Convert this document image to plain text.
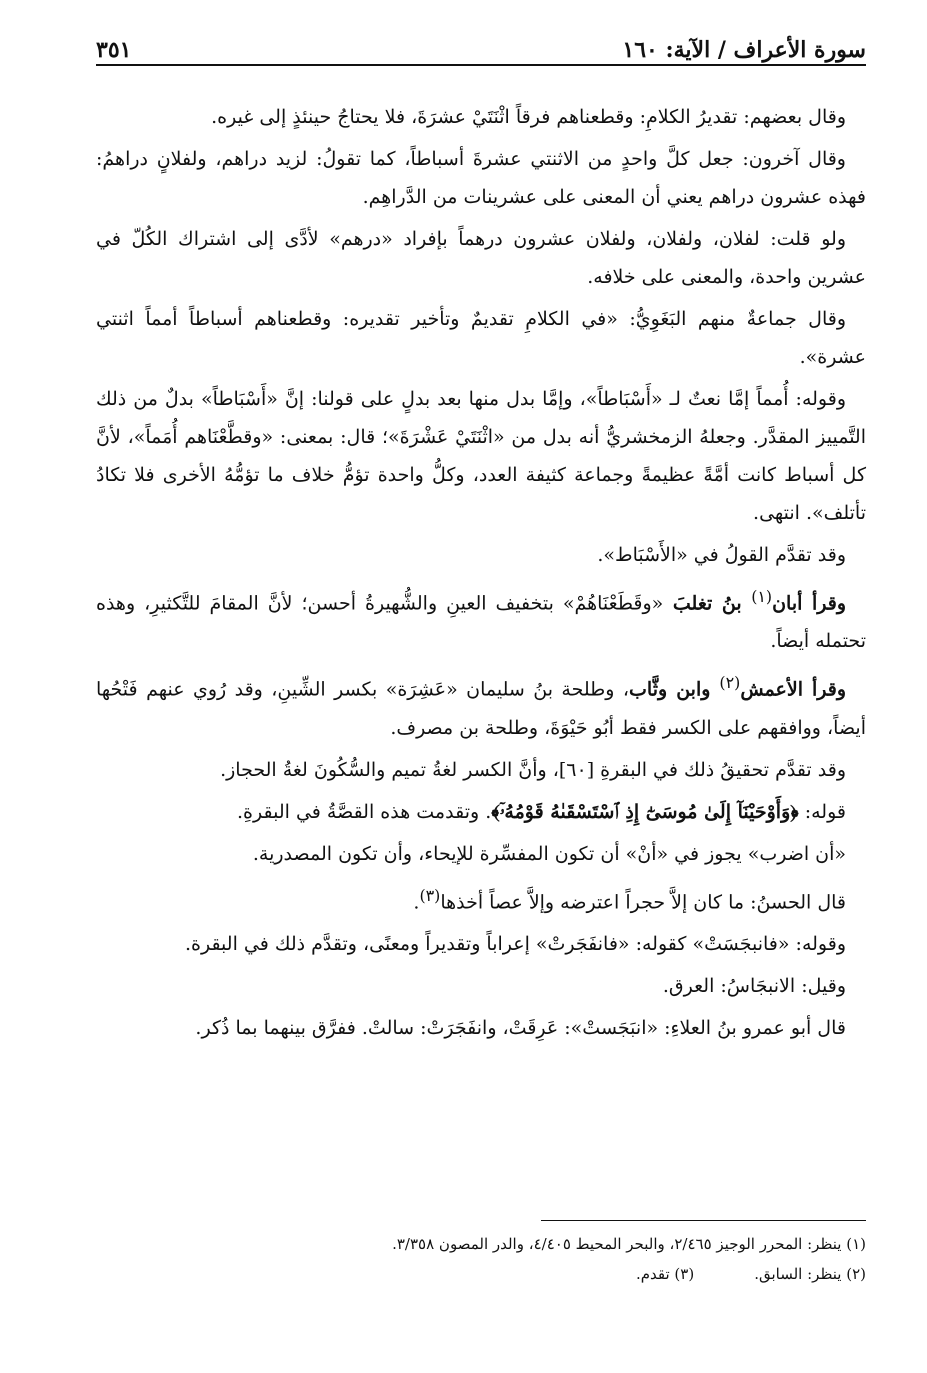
سورة الأعراف / الآية: ١٦٠
٣٥١

وقال بعضهم: تقديرُ الكلامِ: وقطعناهم فرقاً اثْنَتَيْ عشرَةَ، فلا يحتاجُ حينئذٍ إلى غيره.

وقال آخرون: جعل كلَّ واحدٍ من الاثنتي عشرةَ أسباطاً، كما تقولُ: لزيد دراهم، ولفلانٍ دراهمُ: فهذه عشرون دراهم يعني أن المعنى على عشرينات من الدَّراهِم.

ولو قلت: لفلان، ولفلان، ولفلان عشرون درهماً بإفراد «درهم» لأدَّى إلى اشتراك الكُلّ في عشرين واحدة، والمعنى على خلافه.

وقال جماعةٌ منهم البَغَوِيُّ: «في الكلامِ تقديمٌ وتأخير تقديره: وقطعناهم أسباطاً أمماً اثنتي عشرة».

وقوله: أُمماً إمَّا نعتٌ لـ «أَسْبَاطاً»، وإمَّا بدل منها بعد بدلٍ على قولنا: إنَّ «أَسْبَاطاً» بدلٌ من ذلك التَّمييز المقدَّر. وجعلهُ الزمخشريُّ أنه بدل من «اثْنَتَيْ عَشْرَةَ»؛ قال: بمعنى: «وقطَّعْنَاهم أُمَماً»، لأنَّ كل أسباط كانت أمَّةً عظيمةً وجماعة كثيفة العدد، وكلُّ واحدة تؤمُّ خلاف ما تؤمُّهُ الأخرى فلا تكادُ تأتلف». انتهى.

وقد تقدَّم القولُ في «الأَسْبَاط».

وقرأ أبان$^{(١)}$ بنُ تغلبَ «وقَطَعْنَاهُمْ» بتخفيف العينِ والشُّهيرةُ أحسن؛ لأنَّ المقامَ للتَّكثيرِ، وهذه تحتمله أيضاً.

وقرأ الأعمش$^{(٢)}$ وابن وثَّاب، وطلحة بنُ سليمان «عَشِرَة» بكسر الشِّينِ، وقد رُوي عنهم فَتْحُها أيضاً، ووافقهم على الكسر فقط أبُو حَيْوَةَ، وطلحة بن مصرف.

وقد تقدَّم تحقيقُ ذلك في البقرةِ [٦٠]، وأنَّ الكسر لغةُ تميم والسُّكُونَ لغةُ الحجاز.

قوله: ﴿وَأَوْحَيْنَآ إِلَىٰ مُوسَىٰٓ إِذِ ٱسْتَسْقَىٰهُ قَوْمُهُۥٓ﴾. وتقدمت هذه القصَّةُ في البقرةِ.

«أن اضرب» يجوز في «أنْ» أن تكون المفسِّرة للإيحاء، وأن تكون المصدرية.

قال الحسنُ: ما كان إلاَّ حجراً اعترضه وإلاَّ عصاً أخذها$^{(٣)}$.

وقوله: «فانبجَسَتْ» كقوله: «فانفَجَرتْ» إعراباً وتقديراً ومعنًى، وتقدَّم ذلك في البقرة.

وقيل: الانبجَاسُ: العرق.

قال أبو عمرو بنُ العلاءِ: «انبَجَستْ»: عَرِقَتْ، وانفَجَرَتْ: سالتْ. ففرَّق بينهما بما ذُكر.

(١) ينظر: المحرر الوجيز ٢/٤٦٥، والبحر المحيط ٤/٤٠٥، والدر المصون ٣/٣٥٨.
(٢) ينظر: السابق.
(٣) تقدم.
